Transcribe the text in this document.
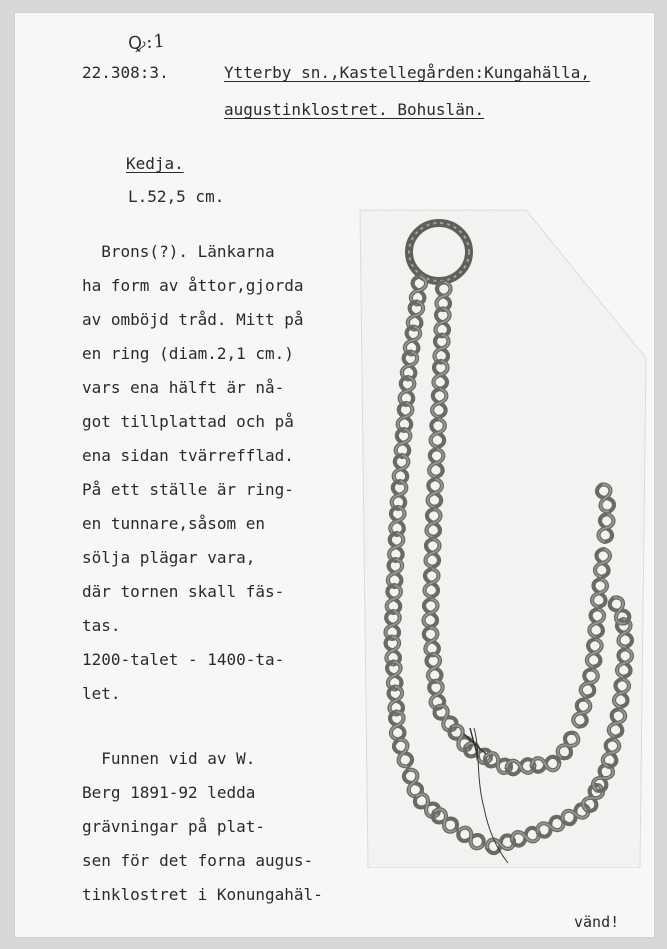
Ꝙ:1
22.308:3.	Ytterby sn.,Kastellegården:Kungahälla,
augustinklostret. Bohuslän.
Kedja.
L.52,5 cm.
Brons(?). Länkarna
ha form av åttor,gjorda
av omböjd tråd. Mitt på
en ring (diam.2,1 cm.)
vars ena hälft är nå-
got tillplattad och på
ena sidan tvärrefflad.
På ett ställe är ring-
en tunnare,såsom en
sölja plägar vara,
där tornen skall fäs-
tas.
1200-talet - 1400-ta-
let.
Funnen vid av W.
Berg 1891-92 ledda
grävningar på plat-
sen för det forna augus-
tinklostret i Konungahäl-
vänd!
